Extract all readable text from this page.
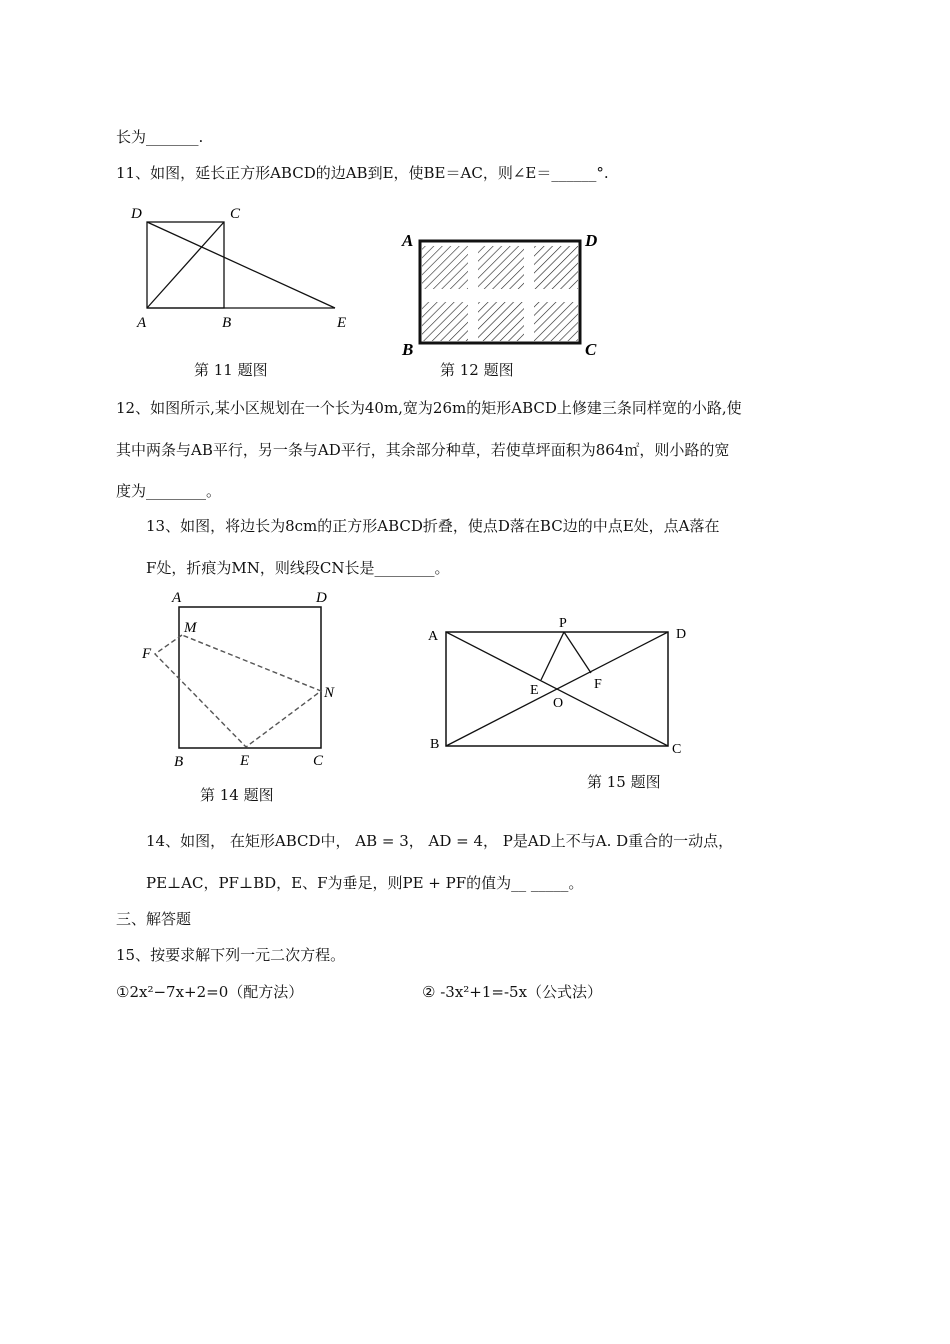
长为_______.
11、如图，延长正方形ABCD的边AB到E，使BE＝AC，则∠E＝______°.
D	C
A	B	E
第 11 题图
A	D
B	C
第 12 题图
12、如图所示,某小区规划在一个长为40m,宽为26m的矩形ABCD上修建三条同样宽的小路,使
其中两条与AB平行，另一条与AD平行，其余部分种草，若使草坪面积为864㎡，则小路的宽
度为________。
13、如图，将边长为8cm的正方形ABCD折叠，使点D落在BC边的中点E处，点A落在
F处，折痕为MN，则线段CN长是________。
A	D
M
F
N
B	E	C
第 14 题图
A	D
P
E	F
O
B	C
第 15 题图
14、如图， 在矩形ABCD中， AB = 3， AD = 4， P是AD上不与A. D重合的一动点，
PE⊥AC，PF⊥BD，E、F为垂足，则PE + PF的值为__ _____。
三、解答题
15、按要求解下列一元二次方程。
①2x²−7x+2=0（配方法）	② -3x²+1=-5x（公式法）
